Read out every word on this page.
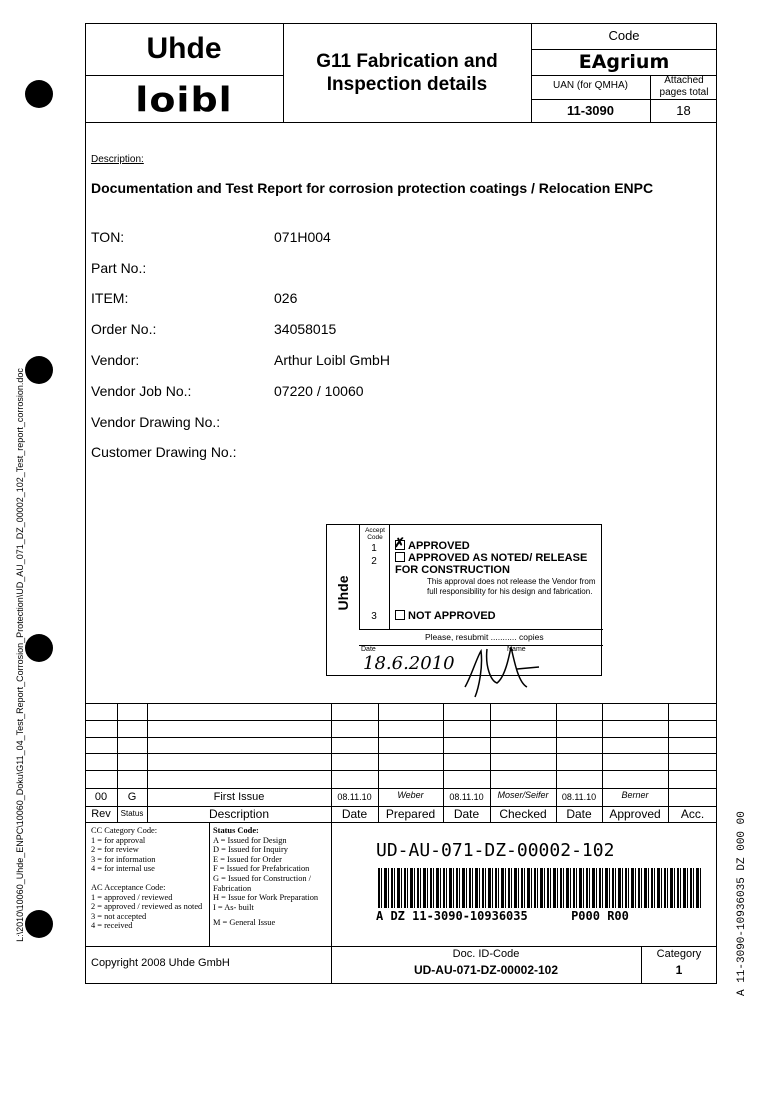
L:\2010\10060_Uhde_ENPC\10060_Doku\G11_04_Test_Report_Corrosion_Protection\UD_AU_071_DZ_00002_102_Test_report_corrosion.doc	A 11-3090-10936035 DZ 000 00
Uhde
loibl
G11 Fabrication and Inspection details
Code
EAgrium
UAN (for QMHA)	Attached pages total
11-3090	18
Description:
Documentation and Test Report for corrosion protection coatings / Relocation ENPC
TON:	071H004
Part No.:
ITEM:	026
Order No.:	34058015
Vendor:	Arthur Loibl GmbH
Vendor Job No.:	07220 / 10060
Vendor Drawing No.:
Customer Drawing No.:
Accept Code
Uhde
1
2
3
✗ APPROVED
APPROVED AS NOTED/ RELEASE FOR CONSTRUCTION
This approval does not release the Vendor from full responsibility for his design and fabrication.
NOT APPROVED
Please, resubmit ........... copies
Date	Name
18.6.2010
00	G	First Issue	08.11.10	Weber	08.11.10	Moser/Seifer	08.11.10	Berner
Rev	Status	Description	Date	Prepared	Date	Checked	Date	Approved	Acc.
CC Category Code:
1 = for approval
2 = for review
3 = for information
4 = for internal use
AC Acceptance Code:
1 = approved / reviewed
2 = approved / reviewed as noted
3 = not accepted
4 = received
Status Code:
A = Issued for Design
D = Issued for Inquiry
E = Issued for Order
F = Issued for Prefabrication
G = Issued for Construction / Fabrication
H = Issue for Work Preparation
I = As- built
M = General Issue
UD-AU-071-DZ-00002-102
A DZ 11-3090-10936035      P000 R00
Copyright 2008 Uhde GmbH
Doc. ID-Code
UD-AU-071-DZ-00002-102
Category
1
